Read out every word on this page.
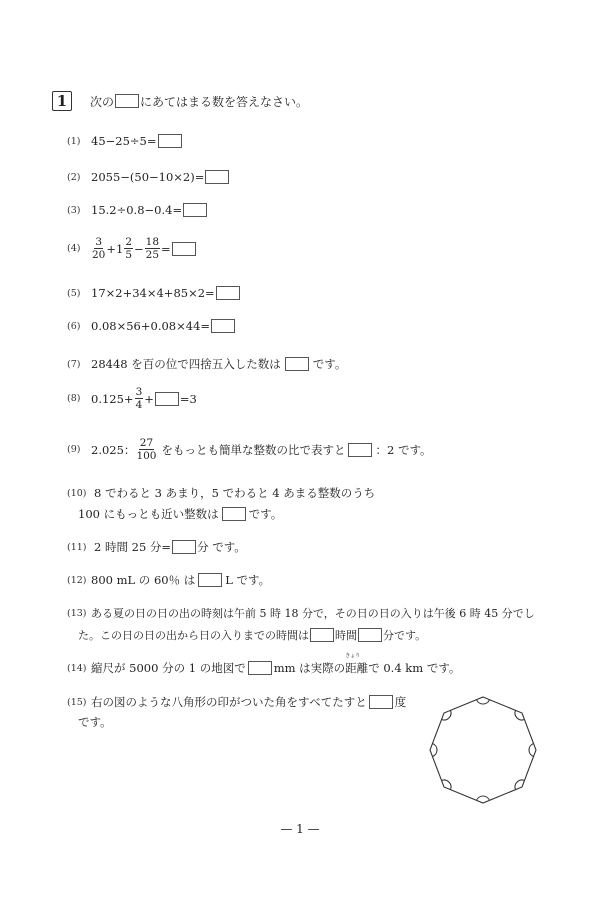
1	次の にあてはまる数を答えなさい。
(1) 45−25÷5=
(2) 2055−(50−10×2)=
(3) 15.2÷0.8−0.4=
(4)	$\frac{3}{20} +1 \frac{2}{5} - \frac{18}{25}$ =
(5) 17×2+34×4+85×2=
(6) 0.08×56+0.08×44=
(7) 28448 を百の位で四捨五入した数は	です。
(8) $0.125+ \frac{3}{4} + =3$
(9) 2.025： $\frac{27}{100}$ をもっとも簡単な整数の比で表すと	：2 です。
(10) 8 でわると 3 あまり，5 でわると 4 あまる整数のうち
100 にもっとも近い整数は	です。
(11) 2 時間 25 分= 分 です。
(12) 800 mL の 60％ は	L です。
(13) ある夏の日の日の出の時刻は午前 5 時 18 分で，その日の日の入りは午後 6 時 45 分でし
た。この日の日の出から日の入りまでの時間は 時間 分です。
(14) 縮尺が 5000 分の 1 の地図で mm は実際の
きょり
距離 で 0.4 km です。
(15) 右の図のような八角形の印がついた角をすべてたすと 度
です。
— 1 —
